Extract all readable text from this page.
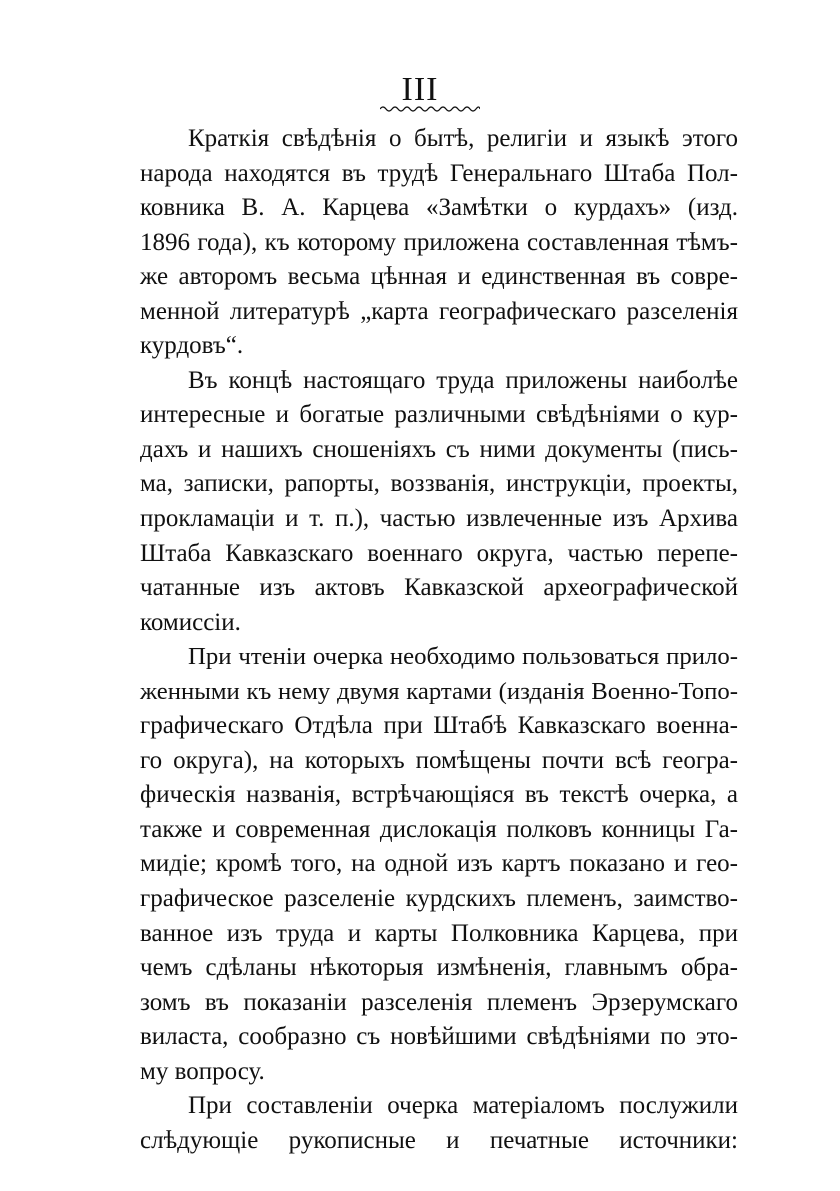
III
Краткія свѣдѣнія о бытѣ, религіи и языкѣ этого
народа находятся въ трудѣ Генеральнаго Штаба Пол-
ковника В. А. Карцева «Замѣтки о курдахъ» (изд.
1896 года), къ которому приложена составленная тѣмъ-
же авторомъ весьма цѣнная и единственная въ совре-
менной литературѣ „карта географическаго разселенія
курдовъ“.
Въ концѣ настоящаго труда приложены наиболѣе
интересные и богатые различными свѣдѣніями о кур-
дахъ и нашихъ сношеніяхъ съ ними документы (пись-
ма, записки, рапорты, воззванія, инструкціи, проекты,
прокламаціи и т. п.), частью извлеченные изъ Архива
Штаба Кавказскаго военнаго округа, частью перепе-
чатанные изъ актовъ Кавказской археографической
комиссіи.
При чтеніи очерка необходимо пользоваться прило-
женными къ нему двумя картами (изданія Военно-Топо-
графическаго Отдѣла при Штабѣ Кавказскаго военна-
го округа), на которыхъ помѣщены почти всѣ геогра-
фическія названія, встрѣчающіяся въ текстѣ очерка, а
также и современная дислокація полковъ конницы Га-
мидіе; кромѣ того, на одной изъ картъ показано и гео-
графическое разселеніе курдскихъ племенъ, заимство-
ванное изъ труда и карты Полковника Карцева, при
чемъ сдѣланы нѣкоторыя измѣненія, главнымъ обра-
зомъ въ показаніи разселенія племенъ Эрзерумскаго
виласта, сообразно съ новѣйшими свѣдѣніями по это-
му вопросу.
При составленіи очерка матеріаломъ послужили
слѣдующіе рукописные и печатные источники:
